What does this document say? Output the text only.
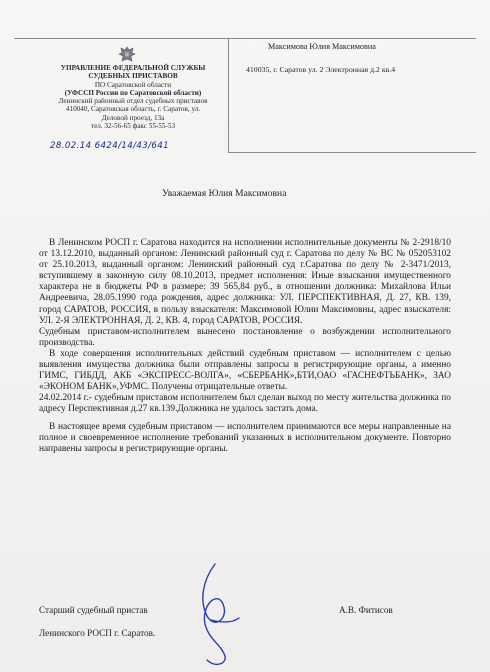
УПРАВЛЕНИЕ ФЕДЕРАЛЬНОЙ СЛУЖБЫ
СУДЕБНЫХ ПРИСТАВОВ
ПО Саратовской области
(УФССП России по Саратовской области)
Ленинский районный отдел судебных приставов
410040, Саратовская область, г. Саратов, ул.
Деловой проезд, 13а
тел. 32-56-65 факс 55-55-53
28.02.14 6424/14/43/641
Максимова Юлия Максимовна
410035, г. Саратов ул. 2 Электронная д.2 кв.4
Уважаемая Юлия Максимовна

В Ленинском РОСП г. Саратова находится на исполнении исполнительные документы № 2-2918/10 от 13.12.2010, выданный органом: Ленинский районный суд г. Саратова по делу № ВС № 052053102 от 25.10.2013, выданный органом: Ленинский районный суд г.Саратова по делу № 2-3471/2013, вступившему в законную силу 08.10.2013, предмет исполнения: Иные взыскания имущественного характера не в бюджеты РФ в размере: 39 565,84 руб., в отношении должника: Михайлова Ильи Андреевича, 28.05.1990 года рождения, адрес должника: УЛ. ПЕРСПЕКТИВНАЯ, Д. 27, КВ. 139, город САРАТОВ, РОССИЯ, в пользу взыскателя: Максимовой Юлии Максимовны, адрес взыскателя: УЛ. 2-Я ЭЛЕКТРОННАЯ, Д. 2, КВ. 4, город САРАТОВ, РОССИЯ.

Судебным приставом-исполнителем вынесено постановление о возбуждении исполнительного производства.

В ходе совершения исполнительных действий судебным приставом — исполнителем с целью выявления имущества должника были отправлены запросы в регистрирующие органы, а именно ГИМС, ГИБДД, АКБ «ЭКСПРЕСС-ВОЛГА», «СБЕРБАНК»,БТИ,ОАО «ГАСНЕФТЬБАНК», ЗАО «ЭКОНОМ БАНК»,УФМС. Получены отрицательные ответы.

24.02.2014 г.- судебным приставом исполнителем был сделан выход по месту жительства должника по адресу Перспективная д.27 кв.139.Должника не удалось застать дома.

В настоящее время судебным приставом — исполнителем принимаются все меры направленные на полное и своевременное исполнение требований указанных в исполнительном документе. Повторно направены запросы в регистрирующие органы.

Старший судебный пристав
Ленинского РОСП г. Саратов.
А.В. Фитисов
